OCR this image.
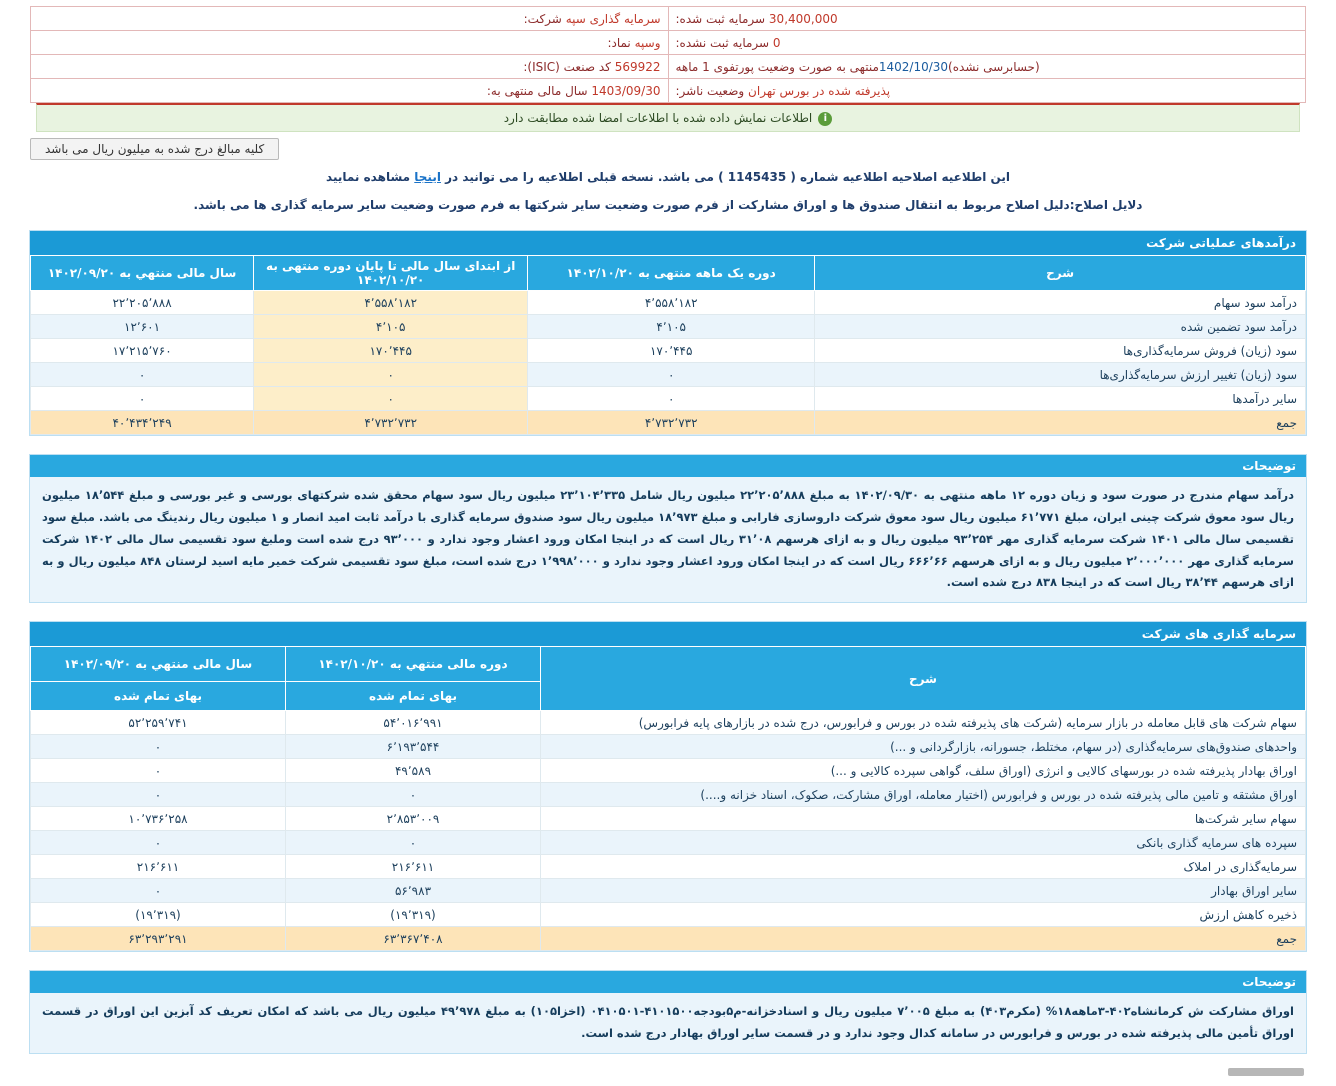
30,400,000 سرمایه ثبت شده:	سرمایه گذاری سپه شرکت:
0 سرمایه ثبت نشده:	وسپه نماد:
(حسابرسی نشده)1402/10/30منتهی به صورت وضعیت پورتفوی 1 ماهه	569922 کد صنعت (ISIC):
پذیرفته شده در بورس تهران وضعیت ناشر:	1403/09/30 سال مالی منتهی به:
iاطلاعات نمایش داده شده با اطلاعات امضا شده مطابقت دارد
کلیه مبالغ درج شده به میلیون ریال می باشد
این اطلاعیه اصلاحیه اطلاعیه شماره ( 1145435 ) می باشد. نسخه قبلی اطلاعیه را می توانید در اینجا مشاهده نمایید
دلایل اصلاح:دلیل اصلاح مربوط به انتقال صندوق ها و اوراق مشارکت از فرم صورت وضعیت سایر شرکتها به فرم صورت وضعیت سایر سرمایه گذاری ها می باشد.
درآمدهای عملیاتی شرکت
شرح	دوره یک ماهه منتهی به ۱۴۰۲/۱۰/۲۰	از ابتدای سال مالی تا پایان دوره منتهی به ۱۴۰۲/۱۰/۲۰	سال مالی منتهي به ۱۴۰۲/۰۹/۲۰
درآمد سود سهام	۴٬۵۵۸٬۱۸۲	۴٬۵۵۸٬۱۸۲	۲۲٬۲۰۵٬۸۸۸
درآمد سود تضمین شده	۴٬۱۰۵	۴٬۱۰۵	۱۲٬۶۰۱
سود (زیان) فروش سرمایه‌گذاری‌ها	۱۷۰٬۴۴۵	۱۷۰٬۴۴۵	۱۷٬۲۱۵٬۷۶۰
سود (زیان) تغییر ارزش سرمایه‌گذاری‌ها	۰	۰	۰
سایر درآمدها	۰	۰	۰
جمع	۴٬۷۳۲٬۷۳۲	۴٬۷۳۲٬۷۳۲	۴۰٬۴۳۴٬۲۴۹
توضیحات
درآمد سهام مندرج در صورت سود و زیان دوره ۱۲ ماهه منتهی به ۱۴۰۲/۰۹/۳۰ به مبلغ ۲۲٬۲۰۵٬۸۸۸ میلیون ریال شامل ۲۳٬۱۰۴٬۳۳۵ میلیون ریال سود سهام محقق شده شرکتهای بورسی و غیر بورسی و مبلغ ۱۸٬۵۴۴ میلیون ریال سود معوق شرکت چینی ایران، مبلغ ۶۱٬۷۷۱ میلیون ریال سود معوق شرکت داروسازی فارابی و مبلغ ۱۸٬۹۷۳ میلیون ریال سود صندوق سرمایه گذاری با درآمد ثابت امید انصار و ۱ میلیون ریال رندینگ می باشد. مبلغ سود تقسیمی سال مالی ۱۴۰۱ شرکت سرمایه گذاری مهر ۹۳٬۲۵۴ میلیون ریال و به ازای هرسهم ۳۱٬۰۸ ریال است که در اینجا امکان ورود اعشار وجود ندارد و ۹۳٬۰۰۰ درج شده است وملبغ سود تقسیمی سال مالی ۱۴۰۲ شرکت سرمایه گذاری مهر ۲٬۰۰۰٬۰۰۰ میلیون ریال و به ازای هرسهم ۶۶۶٬۶۶ ریال است که در اینجا امکان ورود اعشار وجود ندارد و ۱٬۹۹۸٬۰۰۰ درج شده است، مبلغ سود تقسیمی شرکت خمیر مایه اسید لرستان ۸۴۸ میلیون ریال و به ازای هرسهم ۳۸٬۴۴ ریال است که در اینجا ۸۳۸ درج شده است.
سرمایه گذاری های شرکت
شرح	دوره مالی منتهي به ۱۴۰۲/۱۰/۲۰	سال مالی منتهي به ۱۴۰۲/۰۹/۲۰
	بهای تمام شده	بهای تمام شده
سهام شرکت های قابل معامله در بازار سرمایه (شرکت های پذیرفته شده در بورس و فرابورس، درج شده در بازارهای پایه فرابورس)	۵۴٬۰۱۶٬۹۹۱	۵۲٬۲۵۹٬۷۴۱
واحدهای صندوق‌های سرمایه‌گذاری (در سهام، مختلط، جسورانه، بازارگردانی و ...)	۶٬۱۹۳٬۵۴۴	۰
اوراق بهادار پذیرفته شده در بورسهای کالایی و انرژی (اوراق سلف، گواهی سپرده کالایی و ...)	۴۹٬۵۸۹	۰
اوراق مشتقه و تامین مالی پذیرفته شده در بورس و فرابورس (اختیار معامله، اوراق مشارکت، صکوک، اسناد خزانه و....)	۰	۰
سهام سایر شرکت‌ها	۲٬۸۵۳٬۰۰۹	۱۰٬۷۳۶٬۲۵۸
سپرده های سرمایه گذاری بانکی	۰	۰
سرمایه‌گذاری در املاک	۲۱۶٬۶۱۱	۲۱۶٬۶۱۱
سایر اوراق بهادار	۵۶٬۹۸۳	۰
ذخیره کاهش ارزش	(۱۹٬۳۱۹)	(۱۹٬۳۱۹)
جمع	۶۳٬۳۶۷٬۴۰۸	۶۳٬۲۹۳٬۲۹۱
توضیحات
اوراق مشارکت ش کرمانشاه۴۰۲-۳ماهه۱۸% (مکرم۴۰۳) به مبلغ ۷٬۰۰۵ میلیون ریال و اسنادخزانه-م۵بودجه۴۱۰۱۵۰۰-۰۴۱۰۵۰۱ (اخزا۱۰۵) به مبلغ ۴۹٬۹۷۸ میلیون ریال می باشد که امکان تعریف کد آبزین این اوراق در قسمت اوراق تأمین مالی پذیرفته شده در بورس و فرابورس در سامانه کدال وجود ندارد و در قسمت سایر اوراق بهادار درج شده است.
